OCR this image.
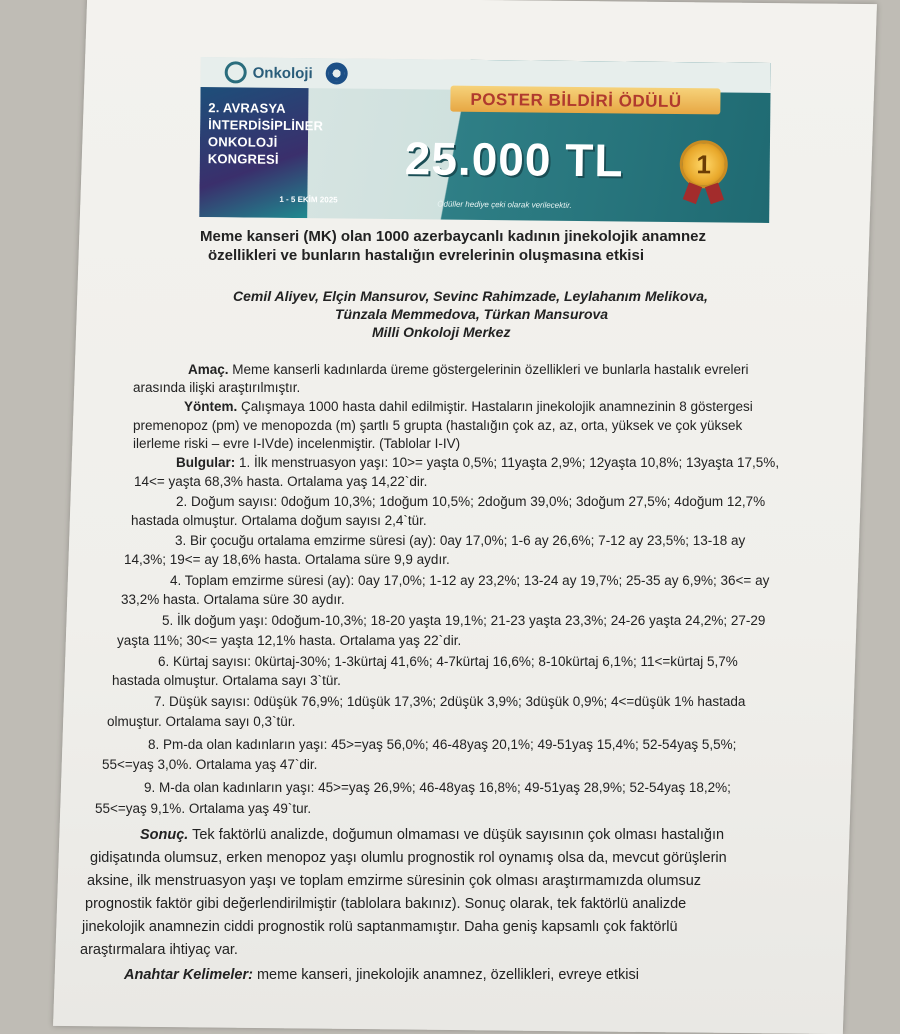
Onkoloji
2. AVRASYA
İNTERDİSİPLİNER
ONKOLOJİ
KONGRESİ
1 - 5 EKİM 2025
POSTER BİLDİRİ ÖDÜLÜ
25.000 TL	1
Ödüller hediye çeki olarak verilecektir.
Meme kanseri (MK) olan 1000 azerbaycanlı kadının jinekolojik anamnez
özellikleri ve bunların hastalığın evrelerinin oluşmasına etkisi
Cemil Aliyev, Elçin Mansurov, Sevinc Rahimzade, Leylahanım Melikova,
Tünzala Memmedova, Türkan Mansurova
Milli Onkoloji Merkez
Amaç. Meme kanserli kadınlarda üreme göstergelerinin özellikleri ve bunlarla hastalık evreleri
arasında ilişki araştırılmıştır.
Yöntem. Çalışmaya 1000 hasta dahil edilmiştir. Hastaların jinekolojik anamnezinin 8 göstergesi
premenopoz (pm) ve menopozda (m) şartlı 5 grupta (hastalığın çok az, az, orta, yüksek ve çok yüksek
ilerleme riski – evre I-IVde) incelenmiştir. (Tablolar I-IV)
Bulgular: 1. İlk menstruasyon yaşı: 10>= yaşta 0,5%; 11yaşta 2,9%; 12yaşta 10,8%; 13yaşta 17,5%,
14<= yaşta 68,3% hasta. Ortalama yaş 14,22`dir.
2. Doğum sayısı: 0doğum 10,3%; 1doğum 10,5%; 2doğum 39,0%; 3doğum 27,5%; 4doğum 12,7%
hastada olmuştur. Ortalama doğum sayısı 2,4`tür.
3. Bir çocuğu ortalama emzirme süresi (ay): 0ay 17,0%; 1-6 ay 26,6%; 7-12 ay 23,5%; 13-18 ay
14,3%; 19<= ay 18,6% hasta. Ortalama süre 9,9 aydır.
4. Toplam emzirme süresi (ay): 0ay 17,0%; 1-12 ay 23,2%; 13-24 ay 19,7%; 25-35 ay 6,9%; 36<= ay
33,2% hasta. Ortalama süre 30 aydır.
5. İlk doğum yaşı: 0doğum-10,3%; 18-20 yaşta 19,1%; 21-23 yaşta 23,3%; 24-26 yaşta 24,2%; 27-29
yaşta 11%; 30<= yaşta 12,1% hasta. Ortalama yaş 22`dir.
6. Kürtaj sayısı: 0kürtaj-30%; 1-3kürtaj 41,6%; 4-7kürtaj 16,6%; 8-10kürtaj 6,1%; 11<=kürtaj 5,7%
hastada olmuştur. Ortalama sayı 3`tür.
7. Düşük sayısı: 0düşük 76,9%; 1düşük 17,3%; 2düşük 3,9%; 3düşük 0,9%; 4<=düşük 1% hastada
olmuştur. Ortalama sayı 0,3`tür.
8. Pm-da olan kadınların yaşı: 45>=yaş 56,0%; 46-48yaş 20,1%; 49-51yaş 15,4%; 52-54yaş 5,5%;
55<=yaş 3,0%. Ortalama yaş 47`dir.
9. M-da olan kadınların yaşı: 45>=yaş 26,9%; 46-48yaş 16,8%; 49-51yaş 28,9%; 52-54yaş 18,2%;
55<=yaş 9,1%. Ortalama yaş 49`tur.
Sonuç. Tek faktörlü analizde, doğumun olmaması ve düşük sayısının çok olması hastalığın
gidişatında olumsuz, erken menopoz yaşı olumlu prognostik rol oynamış olsa da, mevcut görüşlerin
aksine, ilk menstruasyon yaşı ve toplam emzirme süresinin çok olması araştırmamızda olumsuz
prognostik faktör gibi değerlendirilmiştir (tablolara bakınız). Sonuç olarak, tek faktörlü analizde
jinekolojik anamnezin ciddi prognostik rolü saptanmamıştır. Daha geniş kapsamlı çok faktörlü
araştırmalara ihtiyaç var.
Anahtar Kelimeler: meme kanseri, jinekolojik anamnez, özellikleri, evreye etkisi
